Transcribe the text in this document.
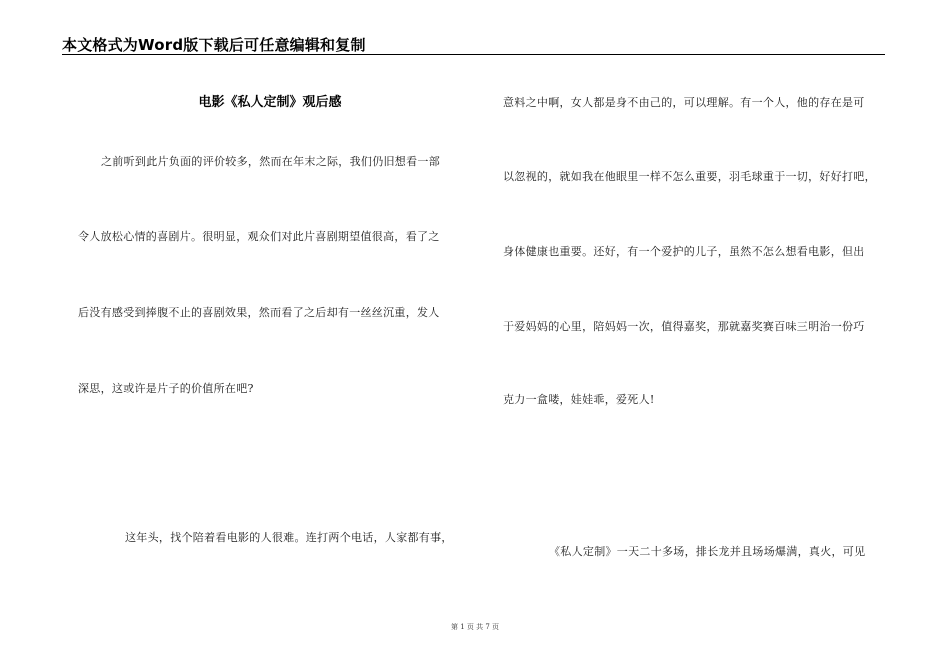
本文格式为Word版下载后可任意编辑和复制
电影《私人定制》观后感
之前听到此片负面的评价较多，然而在年末之际，我们仍旧想看一部
令人放松心情的喜剧片。很明显，观众们对此片喜剧期望值很高，看了之
后没有感受到捧腹不止的喜剧效果，然而看了之后却有一丝丝沉重，发人
深思，这或许是片子的价值所在吧?
这年头，找个陪着看电影的人很难。连打两个电话，人家都有事，
意料之中啊，女人都是身不由己的，可以理解。有一个人，他的存在是可
以忽视的，就如我在他眼里一样不怎么重要，羽毛球重于一切，好好打吧，
身体健康也重要。还好，有一个爱护的儿子，虽然不怎么想看电影，但出
于爱妈妈的心里，陪妈妈一次，值得嘉奖，那就嘉奖赛百味三明治一份巧
克力一盒喽，娃娃乖，爱死人!
《私人定制》一天二十多场，排长龙并且场场爆满，真火，可见
第 1 页 共 7 页
